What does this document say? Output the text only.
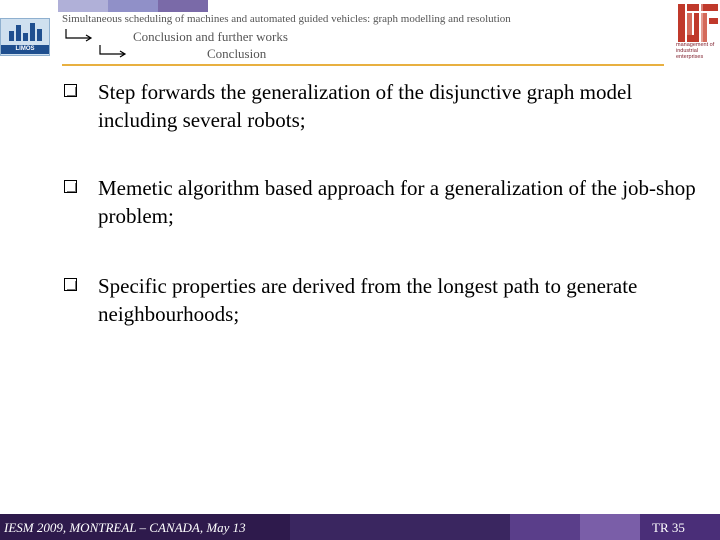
LIMOS
Simultaneous scheduling of machines and automated guided vehicles: graph modelling and resolution
Conclusion and further works
Conclusion
management of industrial enterprises
Step forwards the generalization of the disjunctive graph model including several robots;
Memetic algorithm based approach for a generalization of the job-shop problem;
Specific properties are derived from the longest path to generate neighbourhoods;
IESM 2009, MONTREAL – CANADA, May 13	TR 35
